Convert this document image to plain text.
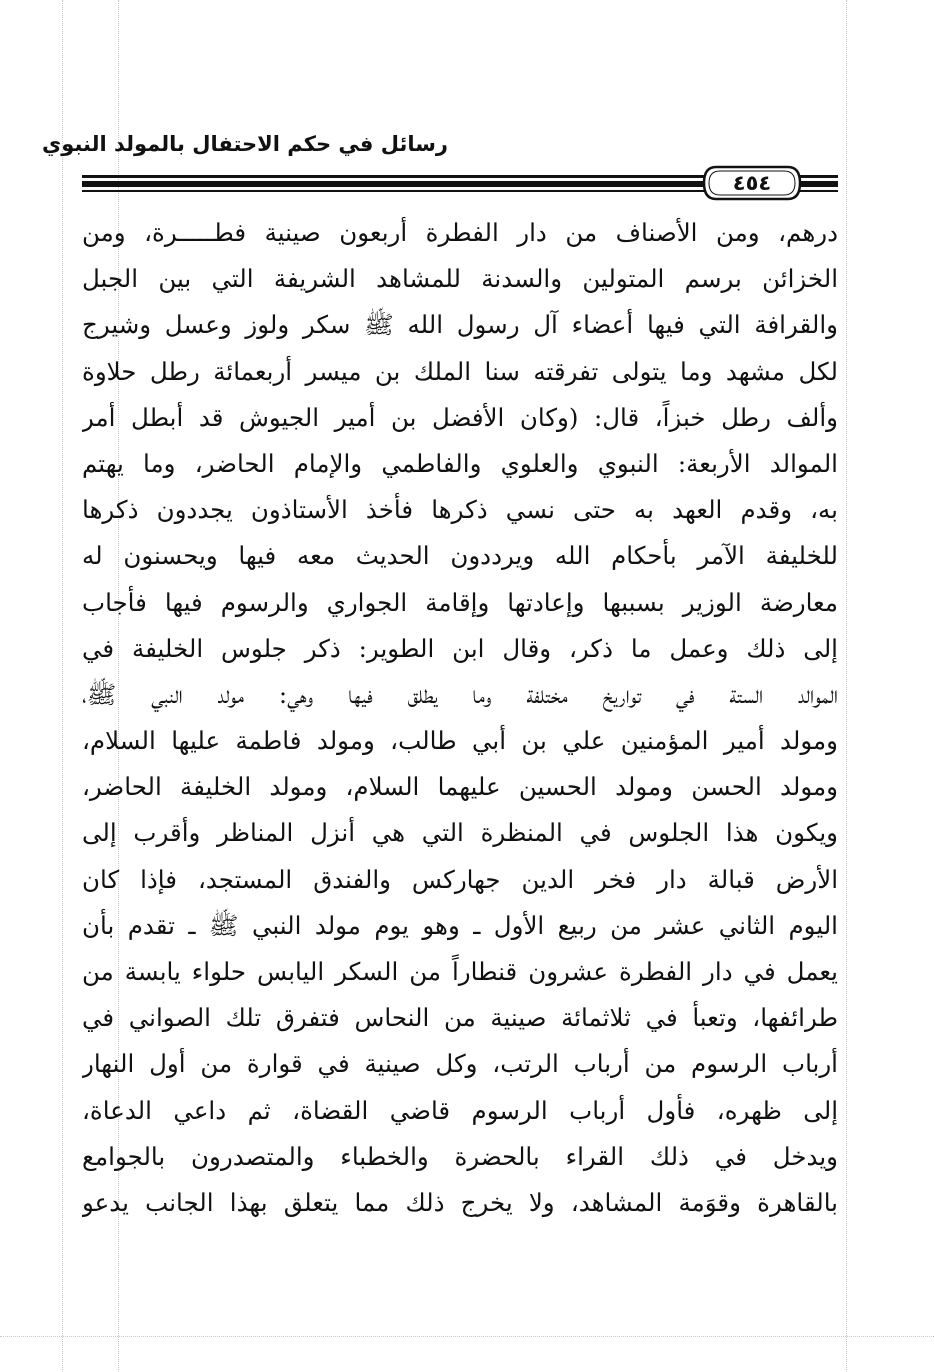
رسائل في حكم الاحتفال بالمولد النبوي
٤٥٤
درهم، ومن الأصناف من دار الفطرة أربعون صينية فطـــــرة، ومن
الخزائن برسم المتولين والسدنة للمشاهد الشريفة التي بين الجبل
والقرافة التي فيها أعضاء آل رسول الله ﷺ سكر ولوز وعسل وشيرج
لكل مشهد وما يتولى تفرقته سنا الملك بن ميسر أربعمائة رطل حلاوة
وألف رطل خبزاً، قال: (وكان الأفضل بن أمير الجيوش قد أبطل أمر
الموالد الأربعة: النبوي والعلوي والفاطمي والإمام الحاضر، وما يهتم
به، وقدم العهد به حتى نسي ذكرها فأخذ الأستاذون يجددون ذكرها
للخليفة الآمر بأحكام الله ويرددون الحديث معه فيها ويحسنون له
معارضة الوزير بسببها وإعادتها وإقامة الجواري والرسوم فيها فأجاب
إلى ذلك وعمل ما ذكر، وقال ابن الطوير: ذكر جلوس الخليفة في
الموالد الستة في تواريخ مختلفة وما يطلق فيها وهي: مولد النبي ﷺ،
ومولد أمير المؤمنين علي بن أبي طالب، ومولد فاطمة عليها السلام،
ومولد الحسن ومولد الحسين عليهما السلام، ومولد الخليفة الحاضر،
ويكون هذا الجلوس في المنظرة التي هي أنزل المناظر وأقرب إلى
الأرض قبالة دار فخر الدين جهاركس والفندق المستجد، فإذا كان
اليوم الثاني عشر من ربيع الأول ـ وهو يوم مولد النبي ﷺ ـ تقدم بأن
يعمل في دار الفطرة عشرون قنطاراً من السكر اليابس حلواء يابسة من
طرائفها، وتعبأ في ثلاثمائة صينية من النحاس فتفرق تلك الصواني في
أرباب الرسوم من أرباب الرتب، وكل صينية في قوارة من أول النهار
إلى ظهره، فأول أرباب الرسوم قاضي القضاة، ثم داعي الدعاة،
ويدخل في ذلك القراء بالحضرة والخطباء والمتصدرون بالجوامع
بالقاهرة وقوَمة المشاهد، ولا يخرج ذلك مما يتعلق بهذا الجانب يدعو
